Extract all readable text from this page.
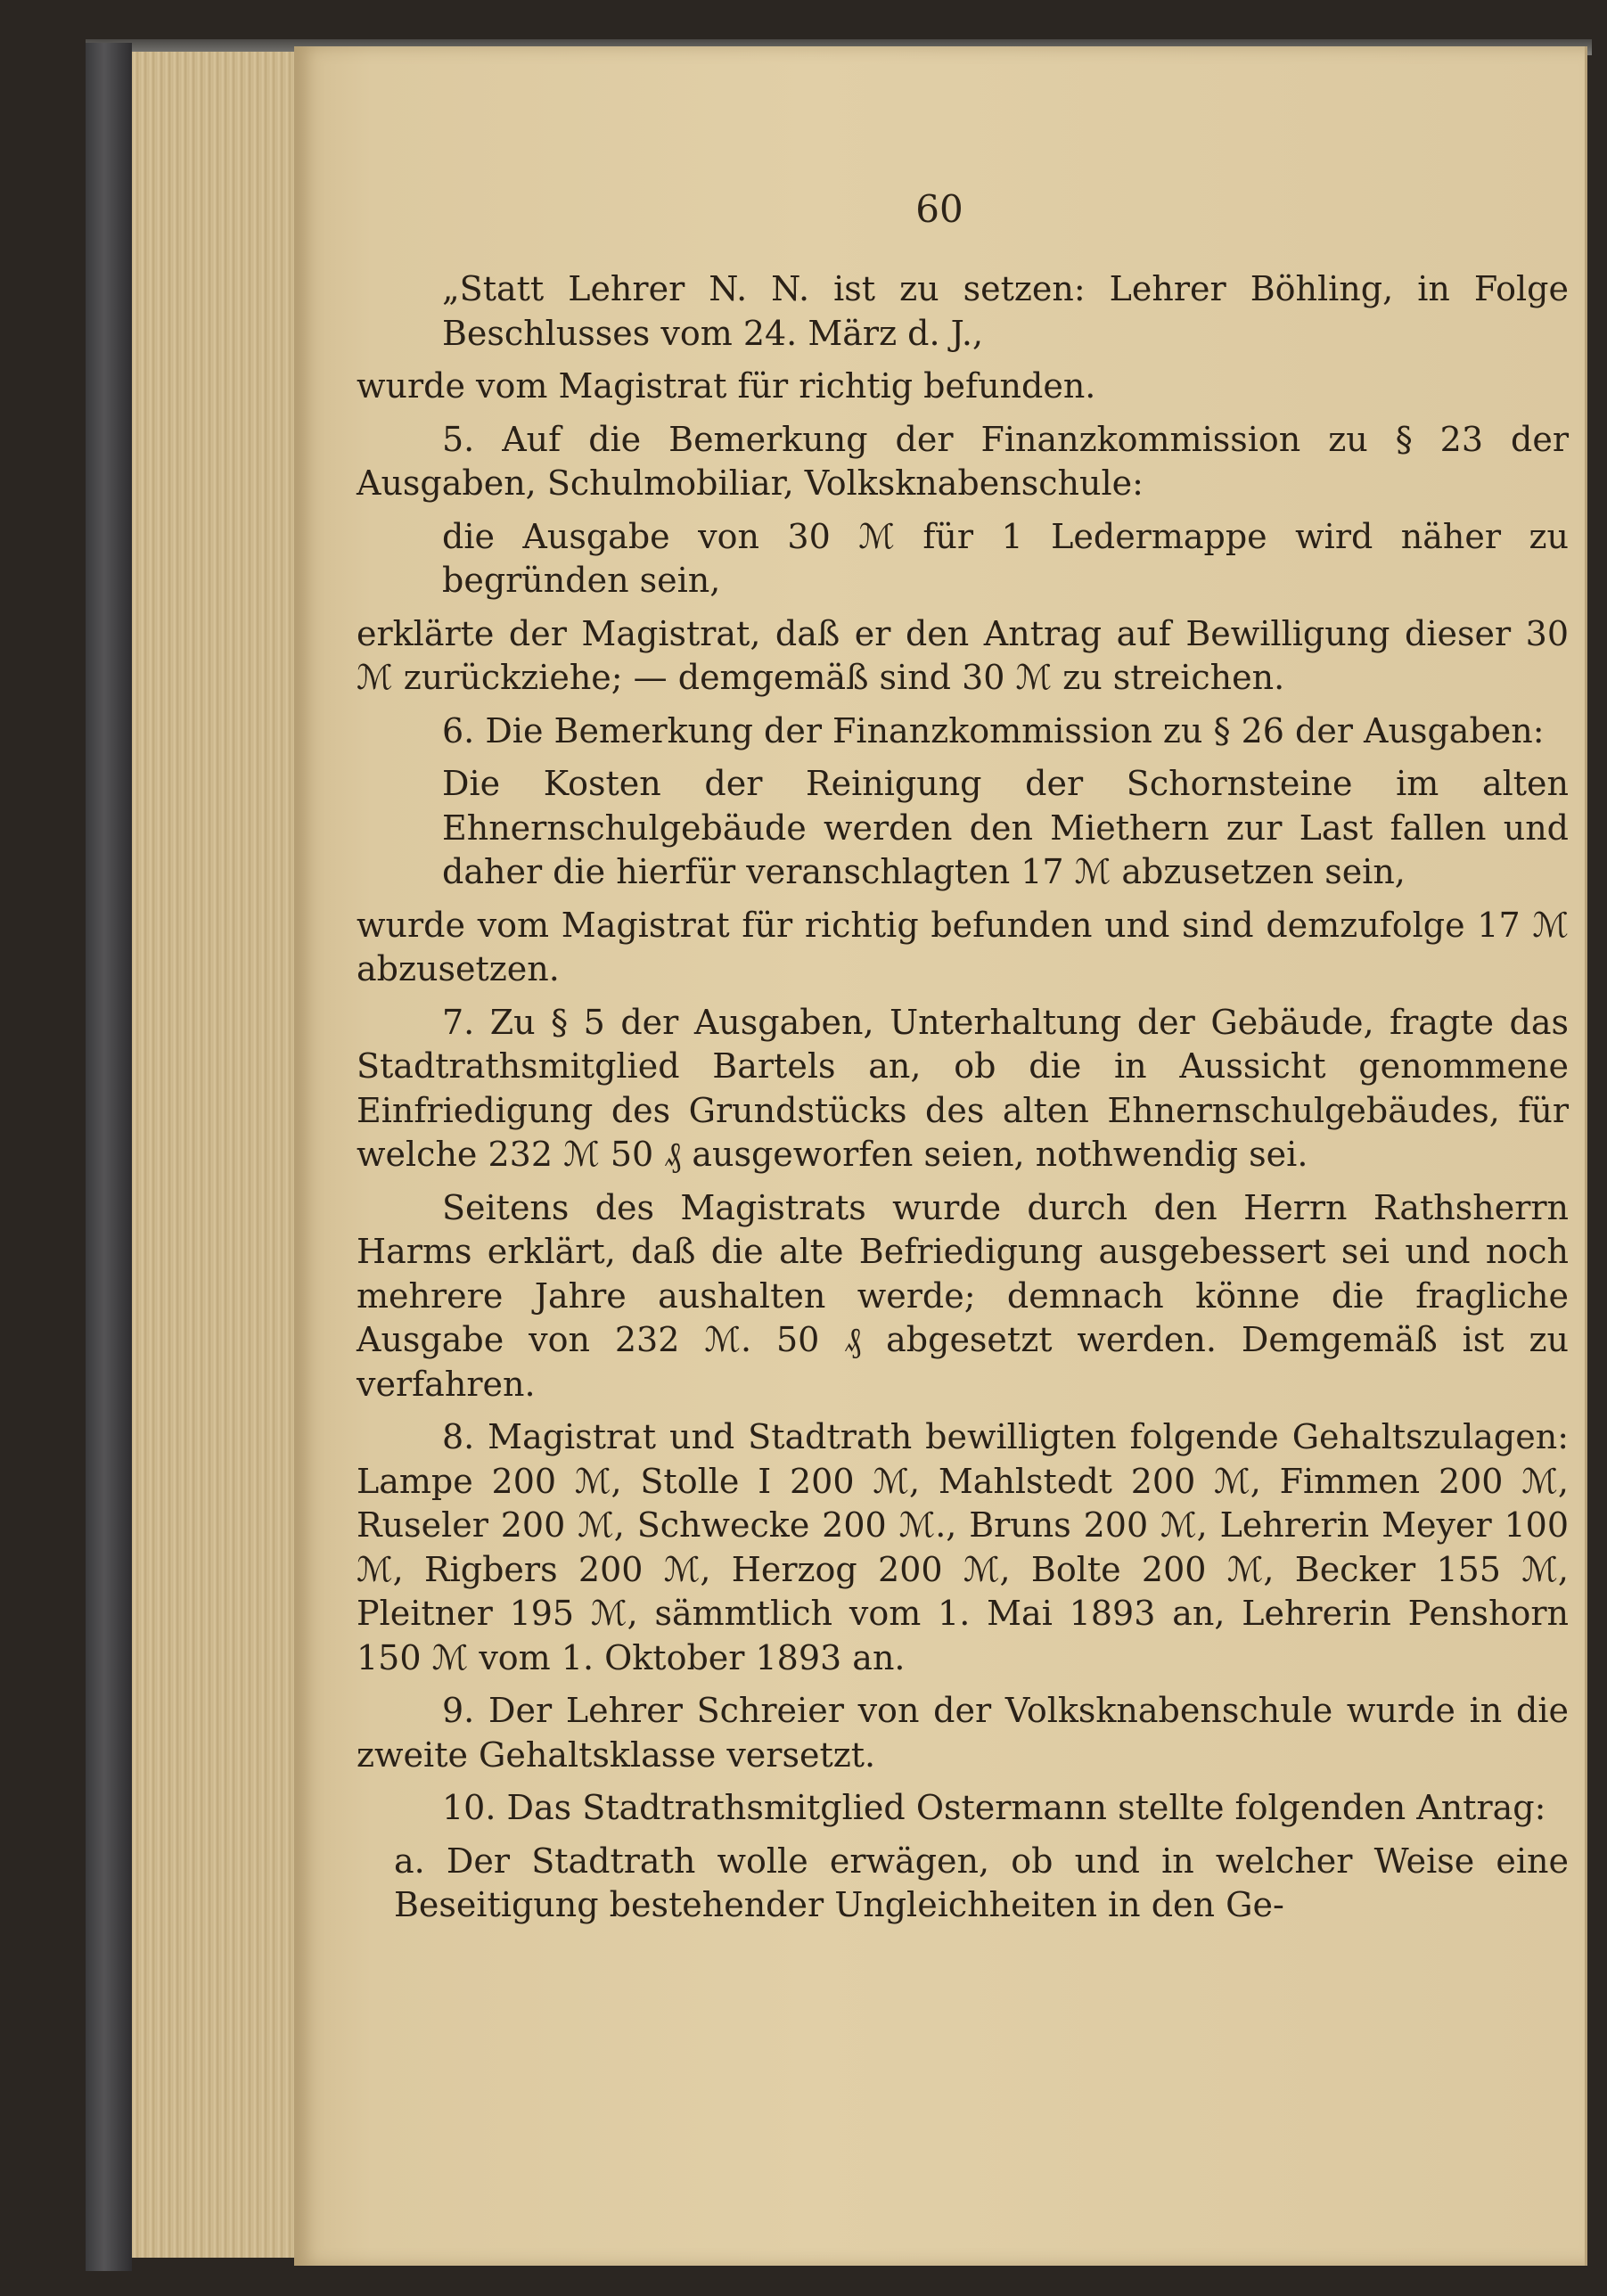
60

„Statt Lehrer N. N. ist zu setzen: Lehrer Böhling, in Folge Beschlusses vom 24. März d. J.,

wurde vom Magistrat für richtig befunden.

5. Auf die Bemerkung der Finanzkommission zu § 23 der Ausgaben, Schulmobiliar, Volksknabenschule:

die Ausgabe von 30 ℳ für 1 Ledermappe wird näher zu begründen sein,

erklärte der Magistrat, daß er den Antrag auf Bewilligung dieser 30 ℳ zurückziehe; — demgemäß sind 30 ℳ zu streichen.

6. Die Bemerkung der Finanzkommission zu § 26 der Ausgaben:

Die Kosten der Reinigung der Schornsteine im alten Ehnernschulgebäude werden den Miethern zur Last fallen und daher die hierfür veranschlagten 17 ℳ abzusetzen sein,

wurde vom Magistrat für richtig befunden und sind demzufolge 17 ℳ abzusetzen.

7. Zu § 5 der Ausgaben, Unterhaltung der Gebäude, fragte das Stadtrathsmitglied Bartels an, ob die in Aussicht genommene Einfriedigung des Grundstücks des alten Ehnernschulgebäudes, für welche 232 ℳ 50 ₰ ausgeworfen seien, nothwendig sei.

Seitens des Magistrats wurde durch den Herrn Rathsherrn Harms erklärt, daß die alte Befriedigung ausgebessert sei und noch mehrere Jahre aushalten werde; demnach könne die fragliche Ausgabe von 232 ℳ. 50 ₰ abgesetzt werden. Demgemäß ist zu verfahren.

8. Magistrat und Stadtrath bewilligten folgende Gehaltszulagen: Lampe 200 ℳ, Stolle I 200 ℳ, Mahlstedt 200 ℳ, Fimmen 200 ℳ, Ruseler 200 ℳ, Schwecke 200 ℳ., Bruns 200 ℳ, Lehrerin Meyer 100 ℳ, Rigbers 200 ℳ, Herzog 200 ℳ, Bolte 200 ℳ, Becker 155 ℳ, Pleitner 195 ℳ, sämmtlich vom 1. Mai 1893 an, Lehrerin Penshorn 150 ℳ vom 1. Oktober 1893 an.

9. Der Lehrer Schreier von der Volksknabenschule wurde in die zweite Gehaltsklasse versetzt.

10. Das Stadtrathsmitglied Ostermann stellte folgenden Antrag:

a. Der Stadtrath wolle erwägen, ob und in welcher Weise eine Beseitigung bestehender Ungleichheiten in den Ge-
